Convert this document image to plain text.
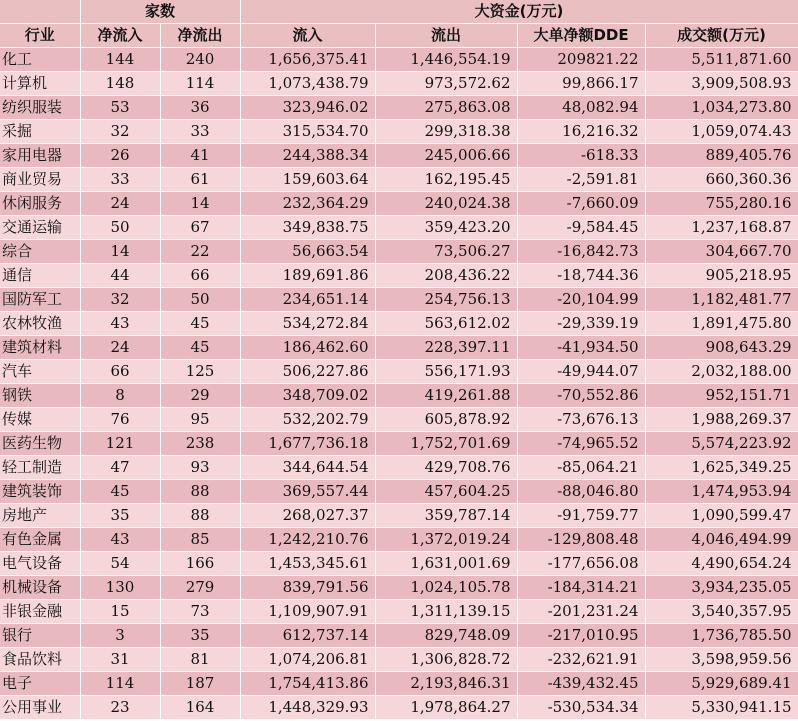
	家数		大资金(万元)			
行业	净流入	净流出	流入	流出	大单净额DDE	成交额(万元)
化工	144	240	1,656,375.41	1,446,554.19	209821.22	5,511,871.60
计算机	148	114	1,073,438.79	973,572.62	99,866.17	3,909,508.93
纺织服装	53	36	323,946.02	275,863.08	48,082.94	1,034,273.80
采掘	32	33	315,534.70	299,318.38	16,216.32	1,059,074.43
家用电器	26	41	244,388.34	245,006.66	-618.33	889,405.76
商业贸易	33	61	159,603.64	162,195.45	-2,591.81	660,360.36
休闲服务	24	14	232,364.29	240,024.38	-7,660.09	755,280.16
交通运输	50	67	349,838.75	359,423.20	-9,584.45	1,237,168.87
综合	14	22	56,663.54	73,506.27	-16,842.73	304,667.70
通信	44	66	189,691.86	208,436.22	-18,744.36	905,218.95
国防军工	32	50	234,651.14	254,756.13	-20,104.99	1,182,481.77
农林牧渔	43	45	534,272.84	563,612.02	-29,339.19	1,891,475.80
建筑材料	24	45	186,462.60	228,397.11	-41,934.50	908,643.29
汽车	66	125	506,227.86	556,171.93	-49,944.07	2,032,188.00
钢铁	8	29	348,709.02	419,261.88	-70,552.86	952,151.71
传媒	76	95	532,202.79	605,878.92	-73,676.13	1,988,269.37
医药生物	121	238	1,677,736.18	1,752,701.69	-74,965.52	5,574,223.92
轻工制造	47	93	344,644.54	429,708.76	-85,064.21	1,625,349.25
建筑装饰	45	88	369,557.44	457,604.25	-88,046.80	1,474,953.94
房地产	35	88	268,027.37	359,787.14	-91,759.77	1,090,599.47
有色金属	43	85	1,242,210.76	1,372,019.24	-129,808.48	4,046,494.99
电气设备	54	166	1,453,345.61	1,631,001.69	-177,656.08	4,490,654.24
机械设备	130	279	839,791.56	1,024,105.78	-184,314.21	3,934,235.05
非银金融	15	73	1,109,907.91	1,311,139.15	-201,231.24	3,540,357.95
银行	3	35	612,737.14	829,748.09	-217,010.95	1,736,785.50
食品饮料	31	81	1,074,206.81	1,306,828.72	-232,621.91	3,598,959.56
电子	114	187	1,754,413.86	2,193,846.31	-439,432.45	5,929,689.41
公用事业	23	164	1,448,329.93	1,978,864.27	-530,534.34	5,330,941.15
